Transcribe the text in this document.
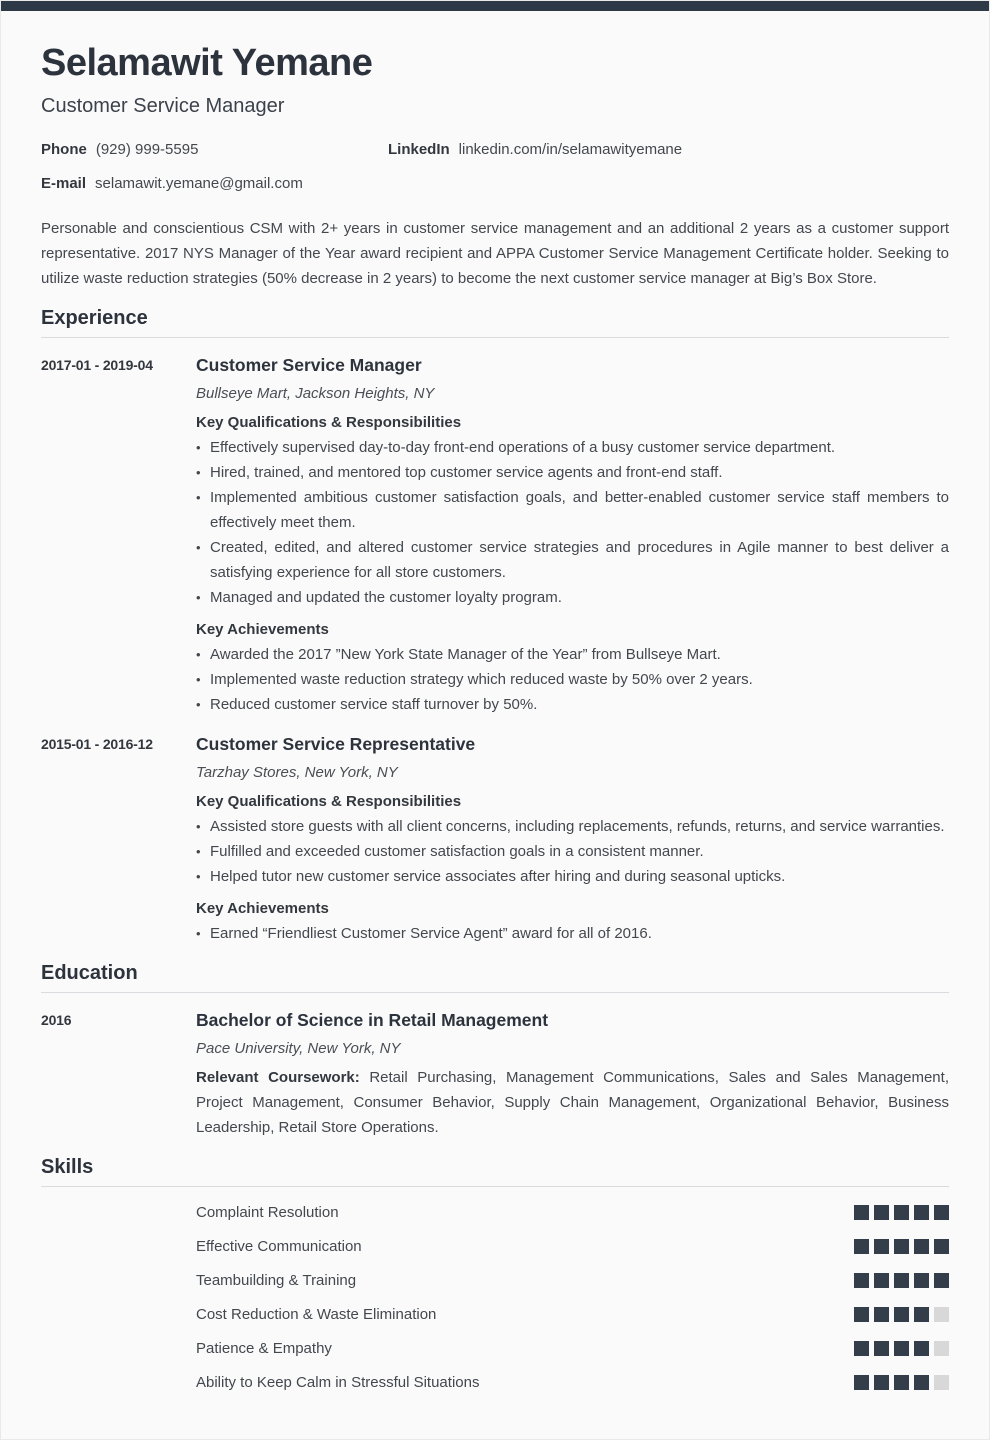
Selamawit Yemane
Customer Service Manager
Phone (929) 999-5595	LinkedIn linkedin.com/in/selamawityemane
E-mail selamawit.yemane@gmail.com

Personable and conscientious CSM with 2+ years in customer service management and an additional 2 years as a customer support representative. 2017 NYS Manager of the Year award recipient and APPA Customer Service Management Certificate holder. Seeking to utilize waste reduction strategies (50% decrease in 2 years) to become the next customer service manager at Big’s Box Store.

Experience
2017-01 - 2019-04	Customer Service Manager
Bullseye Mart, Jackson Heights, NY
Key Qualifications & Responsibilities
• Effectively supervised day-to-day front-end operations of a busy customer service department.
• Hired, trained, and mentored top customer service agents and front-end staff.
• Implemented ambitious customer satisfaction goals, and better-enabled customer service staff members to effectively meet them.
• Created, edited, and altered customer service strategies and procedures in Agile manner to best deliver a satisfying experience for all store customers.
• Managed and updated the customer loyalty program.
Key Achievements
• Awarded the 2017 ”New York State Manager of the Year” from Bullseye Mart.
• Implemented waste reduction strategy which reduced waste by 50% over 2 years.
• Reduced customer service staff turnover by 50%.
2015-01 - 2016-12	Customer Service Representative
Tarzhay Stores, New York, NY
Key Qualifications & Responsibilities
• Assisted store guests with all client concerns, including replacements, refunds, returns, and service warranties.
• Fulfilled and exceeded customer satisfaction goals in a consistent manner.
• Helped tutor new customer service associates after hiring and during seasonal upticks.
Key Achievements
• Earned “Friendliest Customer Service Agent” award for all of 2016.
Education
2016	Bachelor of Science in Retail Management
Pace University, New York, NY
Relevant Coursework: Retail Purchasing, Management Communications, Sales and Sales Management, Project Management, Consumer Behavior, Supply Chain Management, Organizational Behavior, Business Leadership, Retail Store Operations.
Skills
Complaint Resolution
Effective Communication
Teambuilding & Training
Cost Reduction & Waste Elimination
Patience & Empathy
Ability to Keep Calm in Stressful Situations
